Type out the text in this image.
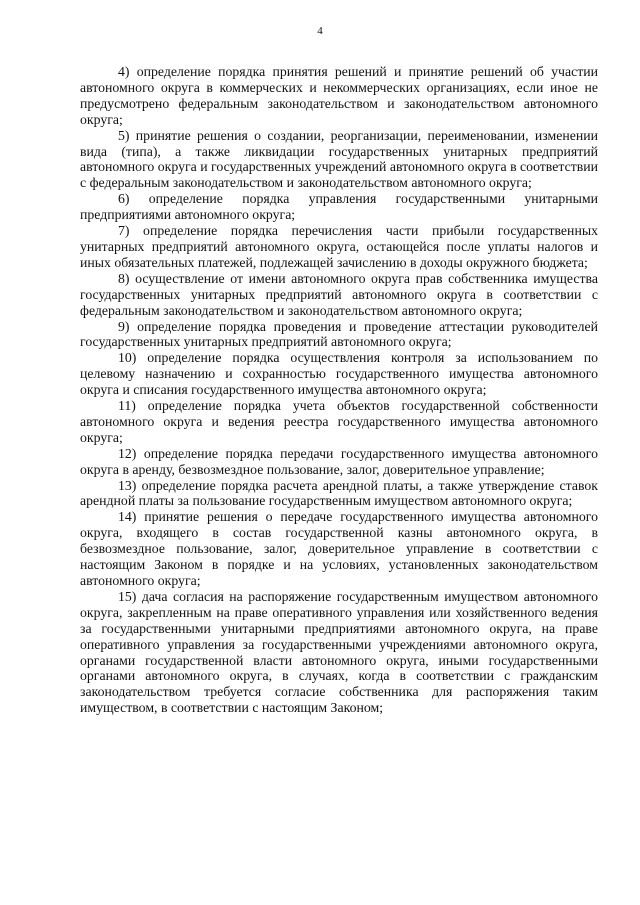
4

4) определение порядка принятия решений и принятие решений об участии автономного округа в коммерческих и некоммерческих организациях, если иное не предусмотрено федеральным законодательством и законодательством автономного округа;

5) принятие решения о создании, реорганизации, переименовании, изменении вида (типа), а также ликвидации государственных унитарных предприятий автономного округа и государственных учреждений автономного округа в соответствии с федеральным законодательством и законодательством автономного округа;

6) определение порядка управления государственными унитарными предприятиями автономного округа;

7) определение порядка перечисления части прибыли государственных унитарных предприятий автономного округа, остающейся после уплаты налогов и иных обязательных платежей, подлежащей зачислению в доходы окружного бюджета;

8) осуществление от имени автономного округа прав собственника имущества государственных унитарных предприятий автономного округа в соответствии с федеральным законодательством и законодательством автономного округа;

9) определение порядка проведения и проведение аттестации руководителей государственных унитарных предприятий автономного округа;

10) определение порядка осуществления контроля за использованием по целевому назначению и сохранностью государственного имущества автономного округа и списания государственного имущества автономного округа;

11) определение порядка учета объектов государственной собственности автономного округа и ведения реестра государственного имущества автономного округа;

12) определение порядка передачи государственного имущества автономного округа в аренду, безвозмездное пользование, залог, доверительное управление;

13) определение порядка расчета арендной платы, а также утверждение ставок арендной платы за пользование государственным имуществом автономного округа;

14) принятие решения о передаче государственного имущества автономного округа, входящего в состав государственной казны автономного округа, в безвозмездное пользование, залог, доверительное управление в соответствии с настоящим Законом в порядке и на условиях, установленных законодательством автономного округа;

15) дача согласия на распоряжение государственным имуществом автономного округа, закрепленным на праве оперативного управления или хозяйственного ведения за государственными унитарными предприятиями автономного округа, на праве оперативного управления за государственными учреждениями автономного округа, органами государственной власти автономного округа, иными государственными органами автономного округа, в случаях, когда в соответствии с гражданским законодательством требуется согласие собственника для распоряжения таким имуществом, в соответствии с настоящим Законом;
